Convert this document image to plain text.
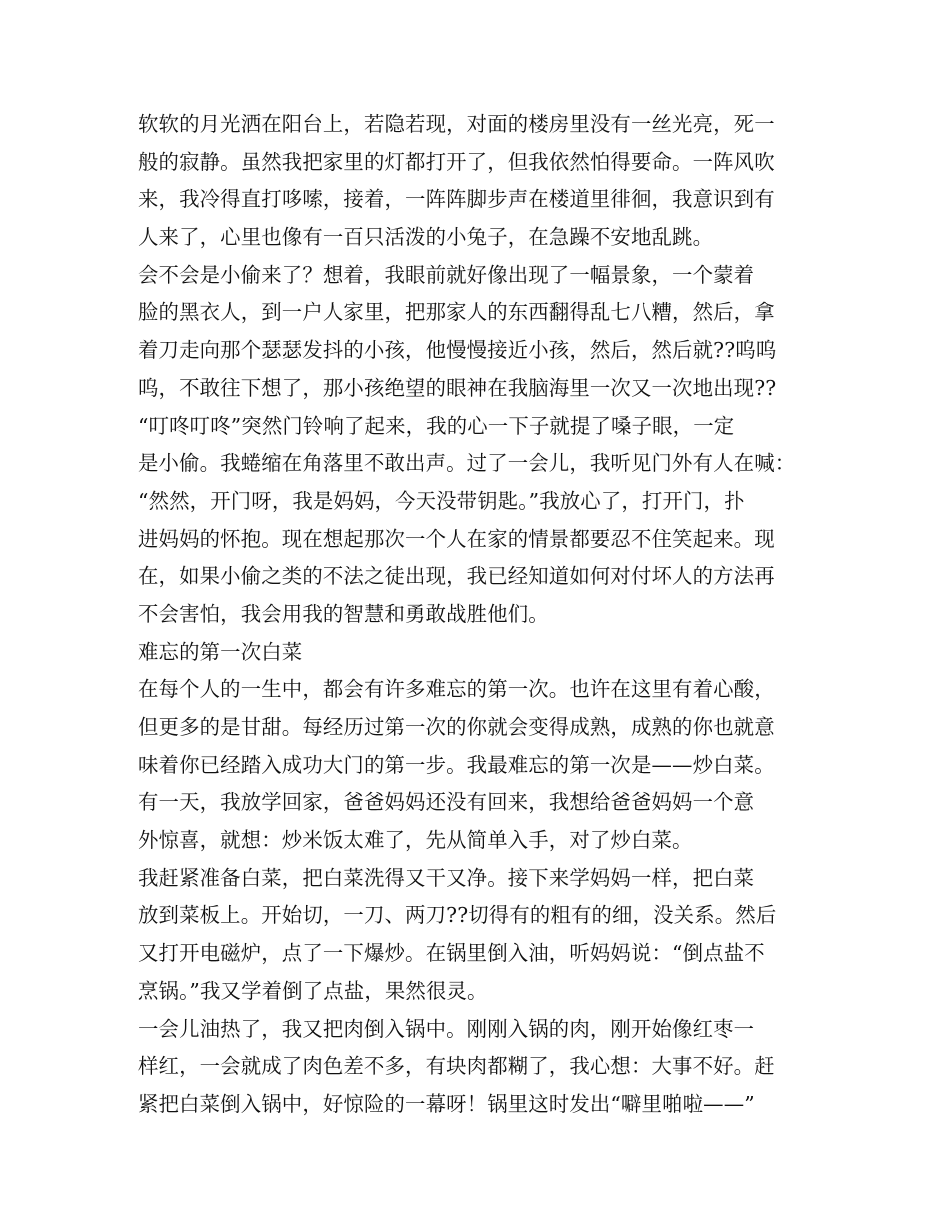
软软的月光洒在阳台上，若隐若现，对面的楼房里没有一丝光亮，死一
般的寂静。虽然我把家里的灯都打开了，但我依然怕得要命。一阵风吹
来，我冷得直打哆嗦，接着，一阵阵脚步声在楼道里徘徊，我意识到有
人来了，心里也像有一百只活泼的小兔子，在急躁不安地乱跳。
会不会是小偷来了？想着，我眼前就好像出现了一幅景象，一个蒙着
脸的黑衣人，到一户人家里，把那家人的东西翻得乱七八糟，然后，拿
着刀走向那个瑟瑟发抖的小孩，他慢慢接近小孩，然后，然后就??呜呜
呜，不敢往下想了，那小孩绝望的眼神在我脑海里一次又一次地出现??
“叮咚叮咚”突然门铃响了起来，我的心一下子就提了嗓子眼，一定
是小偷。我蜷缩在角落里不敢出声。过了一会儿，我听见门外有人在喊：
“然然，开门呀，我是妈妈，今天没带钥匙。”我放心了，打开门，扑
进妈妈的怀抱。现在想起那次一个人在家的情景都要忍不住笑起来。现
在，如果小偷之类的不法之徒出现，我已经知道如何对付坏人的方法再
不会害怕，我会用我的智慧和勇敢战胜他们。
难忘的第一次白菜
在每个人的一生中，都会有许多难忘的第一次。也许在这里有着心酸，
但更多的是甘甜。每经历过第一次的你就会变得成熟，成熟的你也就意
味着你已经踏入成功大门的第一步。我最难忘的第一次是——炒白菜。
有一天，我放学回家，爸爸妈妈还没有回来，我想给爸爸妈妈一个意
外惊喜，就想：炒米饭太难了，先从简单入手，对了炒白菜。
我赶紧准备白菜，把白菜洗得又干又净。接下来学妈妈一样，把白菜
放到菜板上。开始切，一刀、两刀??切得有的粗有的细，没关系。然后
又打开电磁炉，点了一下爆炒。在锅里倒入油，听妈妈说：“倒点盐不
烹锅。”我又学着倒了点盐，果然很灵。
一会儿油热了，我又把肉倒入锅中。刚刚入锅的肉，刚开始像红枣一
样红，一会就成了肉色差不多，有块肉都糊了，我心想：大事不好。赶
紧把白菜倒入锅中，好惊险的一幕呀！锅里这时发出“噼里啪啦——”
